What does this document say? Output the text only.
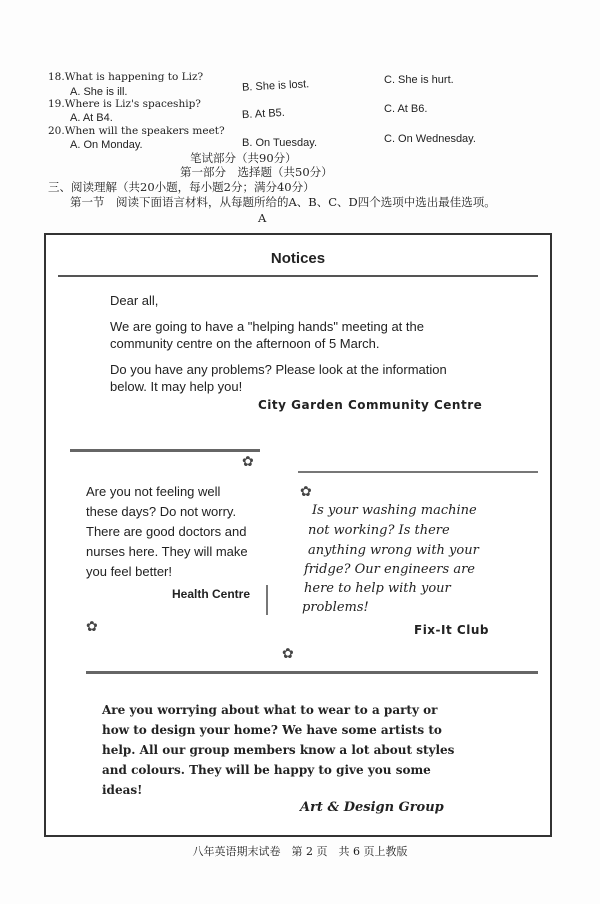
18.What is happening to Liz?
A. She is ill.	B. She is lost.	C. She is hurt.
19.Where is Liz's spaceship?
A. At B4.	B. At B5.	C. At B6.
20.When will the speakers meet?
A. On Monday.	B. On Tuesday.	C. On Wednesday.
笔试部分（共90分）
第一部分　选择题（共50分）
三、阅读理解（共20小题，每小题2分；满分40分）
第一节　阅读下面语言材料，从每题所给的A、B、C、D四个选项中选出最佳选项。
A
Notices
Dear all,
We are going to have a "helping hands" meeting at the
community centre on the afternoon of 5 March.
Do you have any problems? Please look at the information
below. It may help you!
City Garden Community Centre
✿
Are you not feeling well
these days? Do not worry.
There are good doctors and
nurses here. They will make
you feel better!
Health Centre
✿
✿
Is your washing machine
not working? Is there
anything wrong with your
fridge? Our engineers are
here to help with your
problems!
Fix-It Club
✿
Are you worrying about what to wear to a party or
how to design your home? We have some artists to
help. All our group members know a lot about styles
and colours. They will be happy to give you some
ideas!
Art & Design Group
八年英语期末试卷　第 2 页　共 6 页上教版
